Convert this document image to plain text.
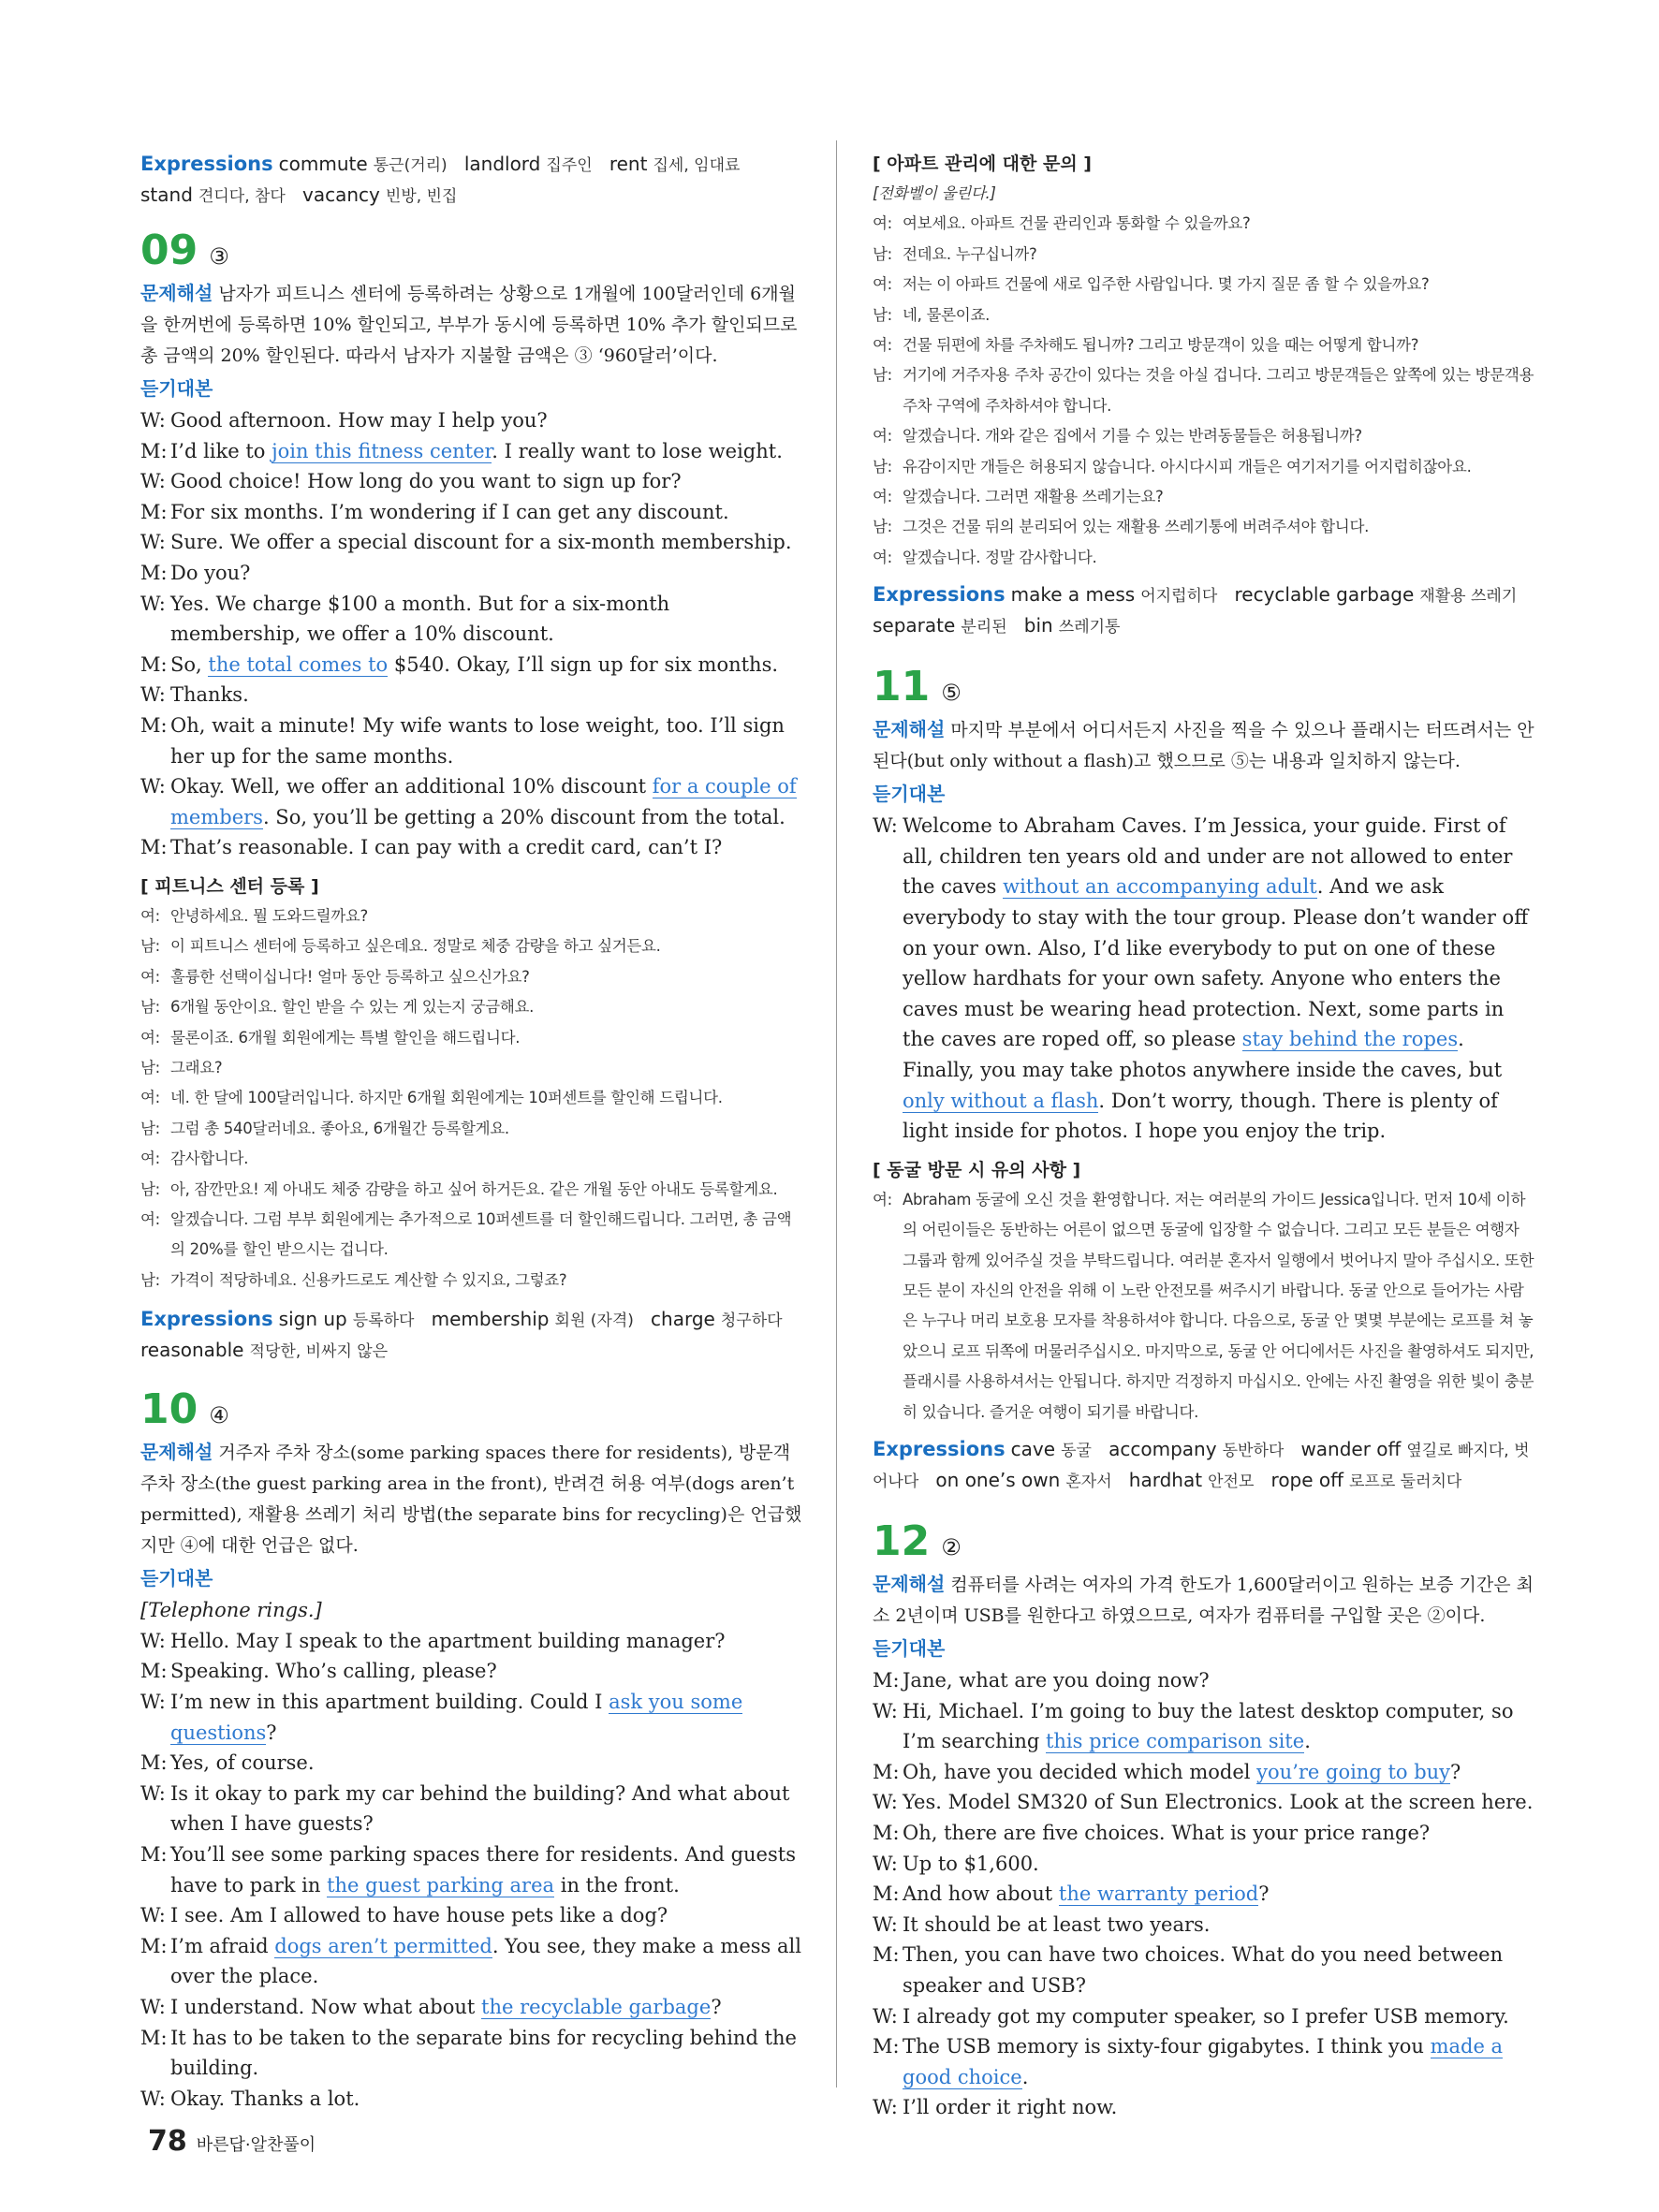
Expressions commute 통근(거리) landlord 집주인 rent 집세, 임대료   stand 견디다, 참다 vacancy 빈방, 빈집

09 ③

문제해설 남자가 피트니스 센터에 등록하려는 상황으로 1개월에 100달러인데 6개월을 한꺼번에 등록하면 10% 할인되고, 부부가 동시에 등록하면 10% 추가 할인되므로 총 금액의 20% 할인된다. 따라서 남자가 지불할 금액은 ③ ‘960달러’이다.

듣기대본

W: Good afternoon. How may I help you?

M: I’d like to join this fitness center. I really want to lose weight.

W: Good choice! How long do you want to sign up for?

M: For six months. I’m wondering if I can get any discount.

W: Sure. We offer a special discount for a six-month membership.

M: Do you?

W: Yes. We charge $100 a month. But for a six-month membership, we offer a 10% discount.

M: So, the total comes to $540. Okay, I’ll sign up for six months.

W: Thanks.

M: Oh, wait a minute! My wife wants to lose weight, too. I’ll sign her up for the same months.

W: Okay. Well, we offer an additional 10% discount for a couple of members. So, you’ll be getting a 20% discount from the total.

M: That’s reasonable. I can pay with a credit card, can’t I?

[ 피트니스 센터 등록 ]

여: 안녕하세요. 뭘 도와드릴까요?

남: 이 피트니스 센터에 등록하고 싶은데요. 정말로 체중 감량을 하고 싶거든요.

여: 훌륭한 선택이십니다! 얼마 동안 등록하고 싶으신가요?

남: 6개월 동안이요. 할인 받을 수 있는 게 있는지 궁금해요.

여: 물론이죠. 6개월 회원에게는 특별 할인을 해드립니다.

남: 그래요?

여: 네. 한 달에 100달러입니다. 하지만 6개월 회원에게는 10퍼센트를 할인해 드립니다.

남: 그럼 총 540달러네요. 좋아요, 6개월간 등록할게요.

여: 감사합니다.

남: 아, 잠깐만요! 제 아내도 체중 감량을 하고 싶어 하거든요. 같은 개월 동안 아내도 등록할게요.

여: 알겠습니다. 그럼 부부 회원에게는 추가적으로 10퍼센트를 더 할인해드립니다. 그러면, 총 금액의 20%를 할인 받으시는 겁니다.

남: 가격이 적당하네요. 신용카드로도 계산할 수 있지요, 그렇죠?

Expressions sign up 등록하다 membership 회원 (자격) charge 청구하다   reasonable 적당한, 비싸지 않은

10 ④

문제해설 거주자 주차 장소(some parking spaces there for residents), 방문객 주차 장소(the guest parking area in the front), 반려견 허용 여부(dogs aren’t permitted), 재활용 쓰레기 처리 방법(the separate bins for recycling)은 언급했지만 ④에 대한 언급은 없다.

듣기대본

[Telephone rings.]

W: Hello. May I speak to the apartment building manager?

M: Speaking. Who’s calling, please?

W: I’m new in this apartment building. Could I ask you some questions?

M: Yes, of course.

W: Is it okay to park my car behind the building? And what about when I have guests?

M: You’ll see some parking spaces there for residents. And guests have to park in the guest parking area in the front.

W: I see. Am I allowed to have house pets like a dog?

M: I’m afraid dogs aren’t permitted. You see, they make a mess all over the place.

W: I understand. Now what about the recyclable garbage?

M: It has to be taken to the separate bins for recycling behind the building.

W: Okay. Thanks a lot.

[ 아파트 관리에 대한 문의 ]

[전화벨이 울린다.]

여: 여보세요. 아파트 건물 관리인과 통화할 수 있을까요?

남: 전데요. 누구십니까?

여: 저는 이 아파트 건물에 새로 입주한 사람입니다. 몇 가지 질문 좀 할 수 있을까요?

남: 네, 물론이죠.

여: 건물 뒤편에 차를 주차해도 됩니까? 그리고 방문객이 있을 때는 어떻게 합니까?

남: 거기에 거주자용 주차 공간이 있다는 것을 아실 겁니다. 그리고 방문객들은 앞쪽에 있는 방문객용 주차 구역에 주차하셔야 합니다.

여: 알겠습니다. 개와 같은 집에서 기를 수 있는 반려동물들은 허용됩니까?

남: 유감이지만 개들은 허용되지 않습니다. 아시다시피 개들은 여기저기를 어지럽히잖아요.

여: 알겠습니다. 그러면 재활용 쓰레기는요?

남: 그것은 건물 뒤의 분리되어 있는 재활용 쓰레기통에 버려주셔야 합니다.

여: 알겠습니다. 정말 감사합니다.

Expressions make a mess 어지럽히다 recyclable garbage 재활용 쓰레기   separate 분리된 bin 쓰레기통

11 ⑤

문제해설 마지막 부분에서 어디서든지 사진을 찍을 수 있으나 플래시는 터뜨려서는 안 된다(but only without a flash)고 했으므로 ⑤는 내용과 일치하지 않는다.

듣기대본

W: Welcome to Abraham Caves. I’m Jessica, your guide. First of all, children ten years old and under are not allowed to enter the caves without an accompanying adult. And we ask everybody to stay with the tour group. Please don’t wander off on your own. Also, I’d like everybody to put on one of these yellow hardhats for your own safety. Anyone who enters the caves must be wearing head protection. Next, some parts in the caves are roped off, so please stay behind the ropes. Finally, you may take photos anywhere inside the caves, but only without a flash. Don’t worry, though. There is plenty of light inside for photos. I hope you enjoy the trip.

[ 동굴 방문 시 유의 사항 ]

여: Abraham 동굴에 오신 것을 환영합니다. 저는 여러분의 가이드 Jessica입니다. 먼저 10세 이하의 어린이들은 동반하는 어른이 없으면 동굴에 입장할 수 없습니다. 그리고 모든 분들은 여행자 그룹과 함께 있어주실 것을 부탁드립니다. 여러분 혼자서 일행에서 벗어나지 말아 주십시오. 또한 모든 분이 자신의 안전을 위해 이 노란 안전모를 써주시기 바랍니다. 동굴 안으로 들어가는 사람은 누구나 머리 보호용 모자를 착용하셔야 합니다. 다음으로, 동굴 안 몇몇 부분에는 로프를 쳐 놓았으니 로프 뒤쪽에 머물러주십시오. 마지막으로, 동굴 안 어디에서든 사진을 촬영하셔도 되지만, 플래시를 사용하셔서는 안됩니다. 하지만 걱정하지 마십시오. 안에는 사진 촬영을 위한 빛이 충분히 있습니다. 즐거운 여행이 되기를 바랍니다.

Expressions cave 동굴 accompany 동반하다 wander off 옆길로 빠지다, 벗어나다 on one’s own 혼자서 hardhat 안전모 rope off 로프로 둘러치다

12 ②

문제해설 컴퓨터를 사려는 여자의 가격 한도가 1,600달러이고 원하는 보증 기간은 최소 2년이며 USB를 원한다고 하였으므로, 여자가 컴퓨터를 구입할 곳은 ②이다.

듣기대본

M: Jane, what are you doing now?

W: Hi, Michael. I’m going to buy the latest desktop computer, so I’m searching this price comparison site.

M: Oh, have you decided which model you’re going to buy?

W: Yes. Model SM320 of Sun Electronics. Look at the screen here.

M: Oh, there are five choices. What is your price range?

W: Up to $1,600.

M: And how about the warranty period?

W: It should be at least two years.

M: Then, you can have two choices. What do you need between speaker and USB?

W: I already got my computer speaker, so I prefer USB memory.

M: The USB memory is sixty-four gigabytes. I think you made a good choice.

W: I’ll order it right now.

78 바른답·알찬풀이
